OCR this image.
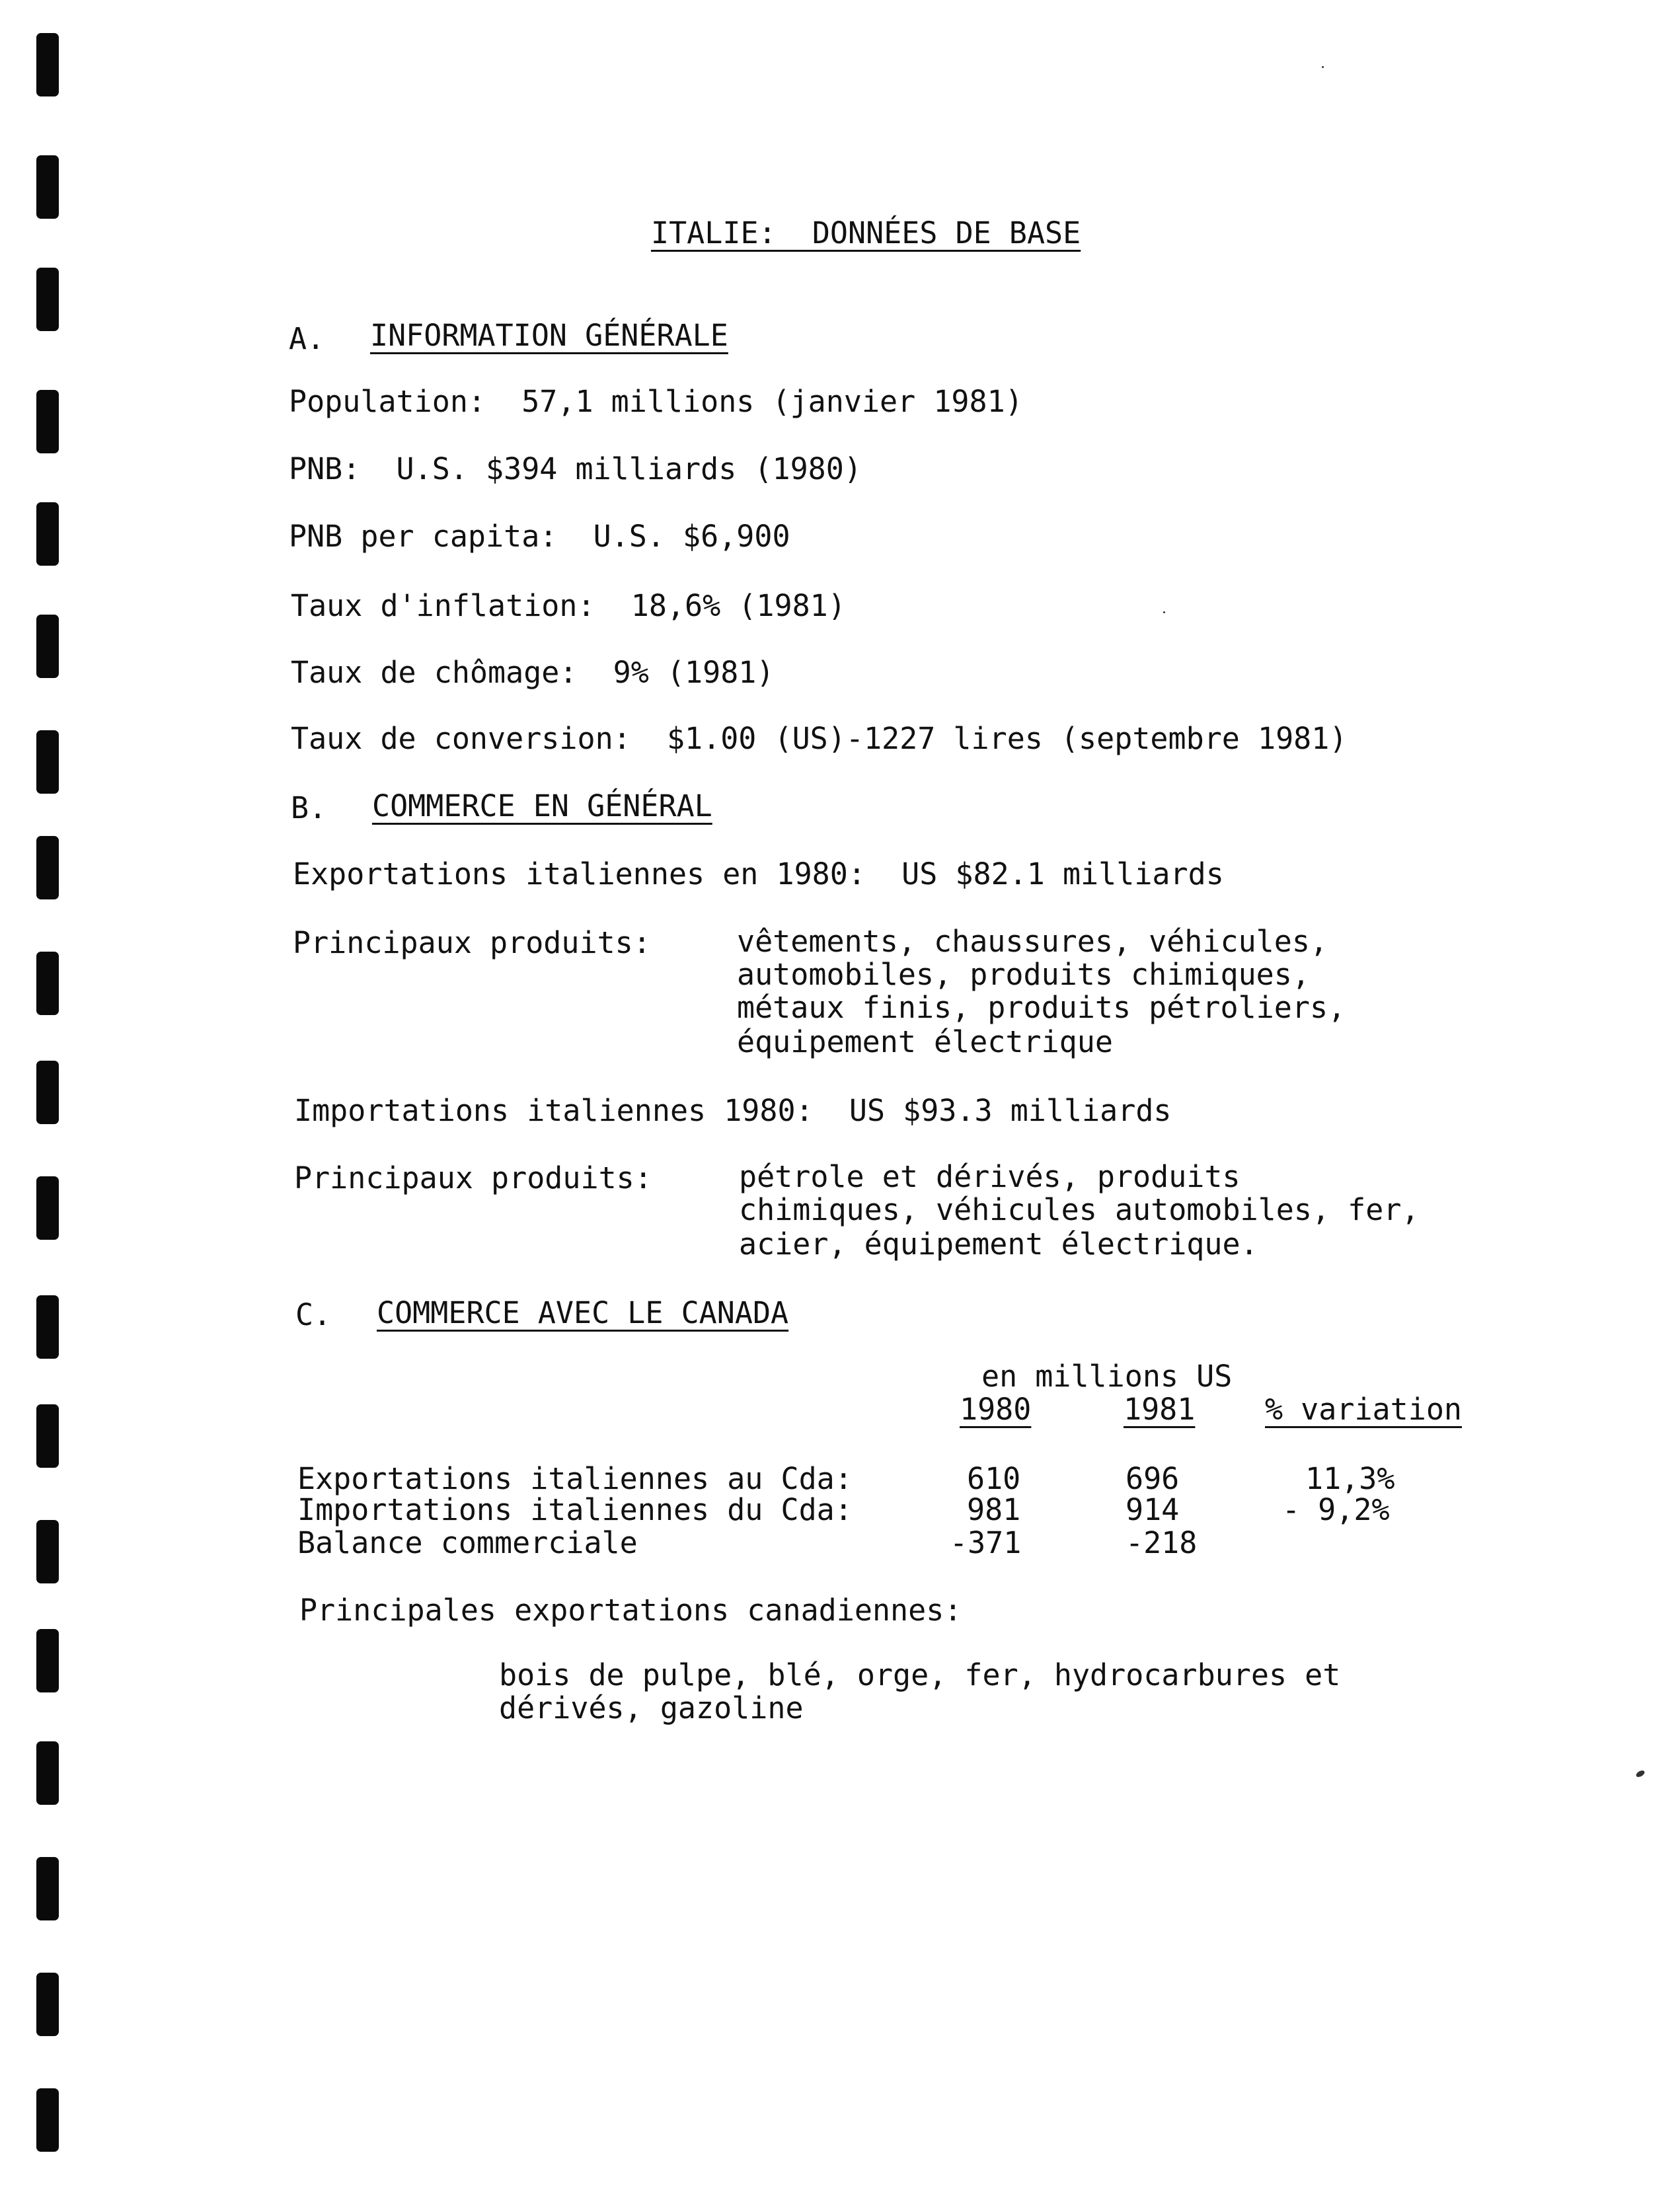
ITALIE:  DONNÉES DE BASE
A. INFORMATION GÉNÉRALE
Population:  57,1 millions (janvier 1981)
PNB:  U.S. $394 milliards (1980)
PNB per capita:  U.S. $6,900
Taux d'inflation:  18,6% (1981)
Taux de chômage:  9% (1981)
Taux de conversion:  $1.00 (US)-1227 lires (septembre 1981)
B. COMMERCE EN GÉNÉRAL
Exportations italiennes en 1980:  US $82.1 milliards
Principaux produits:	vêtements, chaussures, véhicules,
automobiles, produits chimiques,
métaux finis, produits pétroliers,
équipement électrique
Importations italiennes 1980:  US $93.3 milliards
Principaux produits:	pétrole et dérivés, produits
chimiques, véhicules automobiles, fer,
acier, équipement électrique.
C. COMMERCE AVEC LE CANADA
en millions US
1980	1981 % variation
Exportations italiennes au Cda:	610	696	11,3%
Importations italiennes du Cda:	981	914	- 9,2%
Balance commerciale	-371	-218
Principales exportations canadiennes:
bois de pulpe, blé, orge, fer, hydrocarbures et
dérivés, gazoline
